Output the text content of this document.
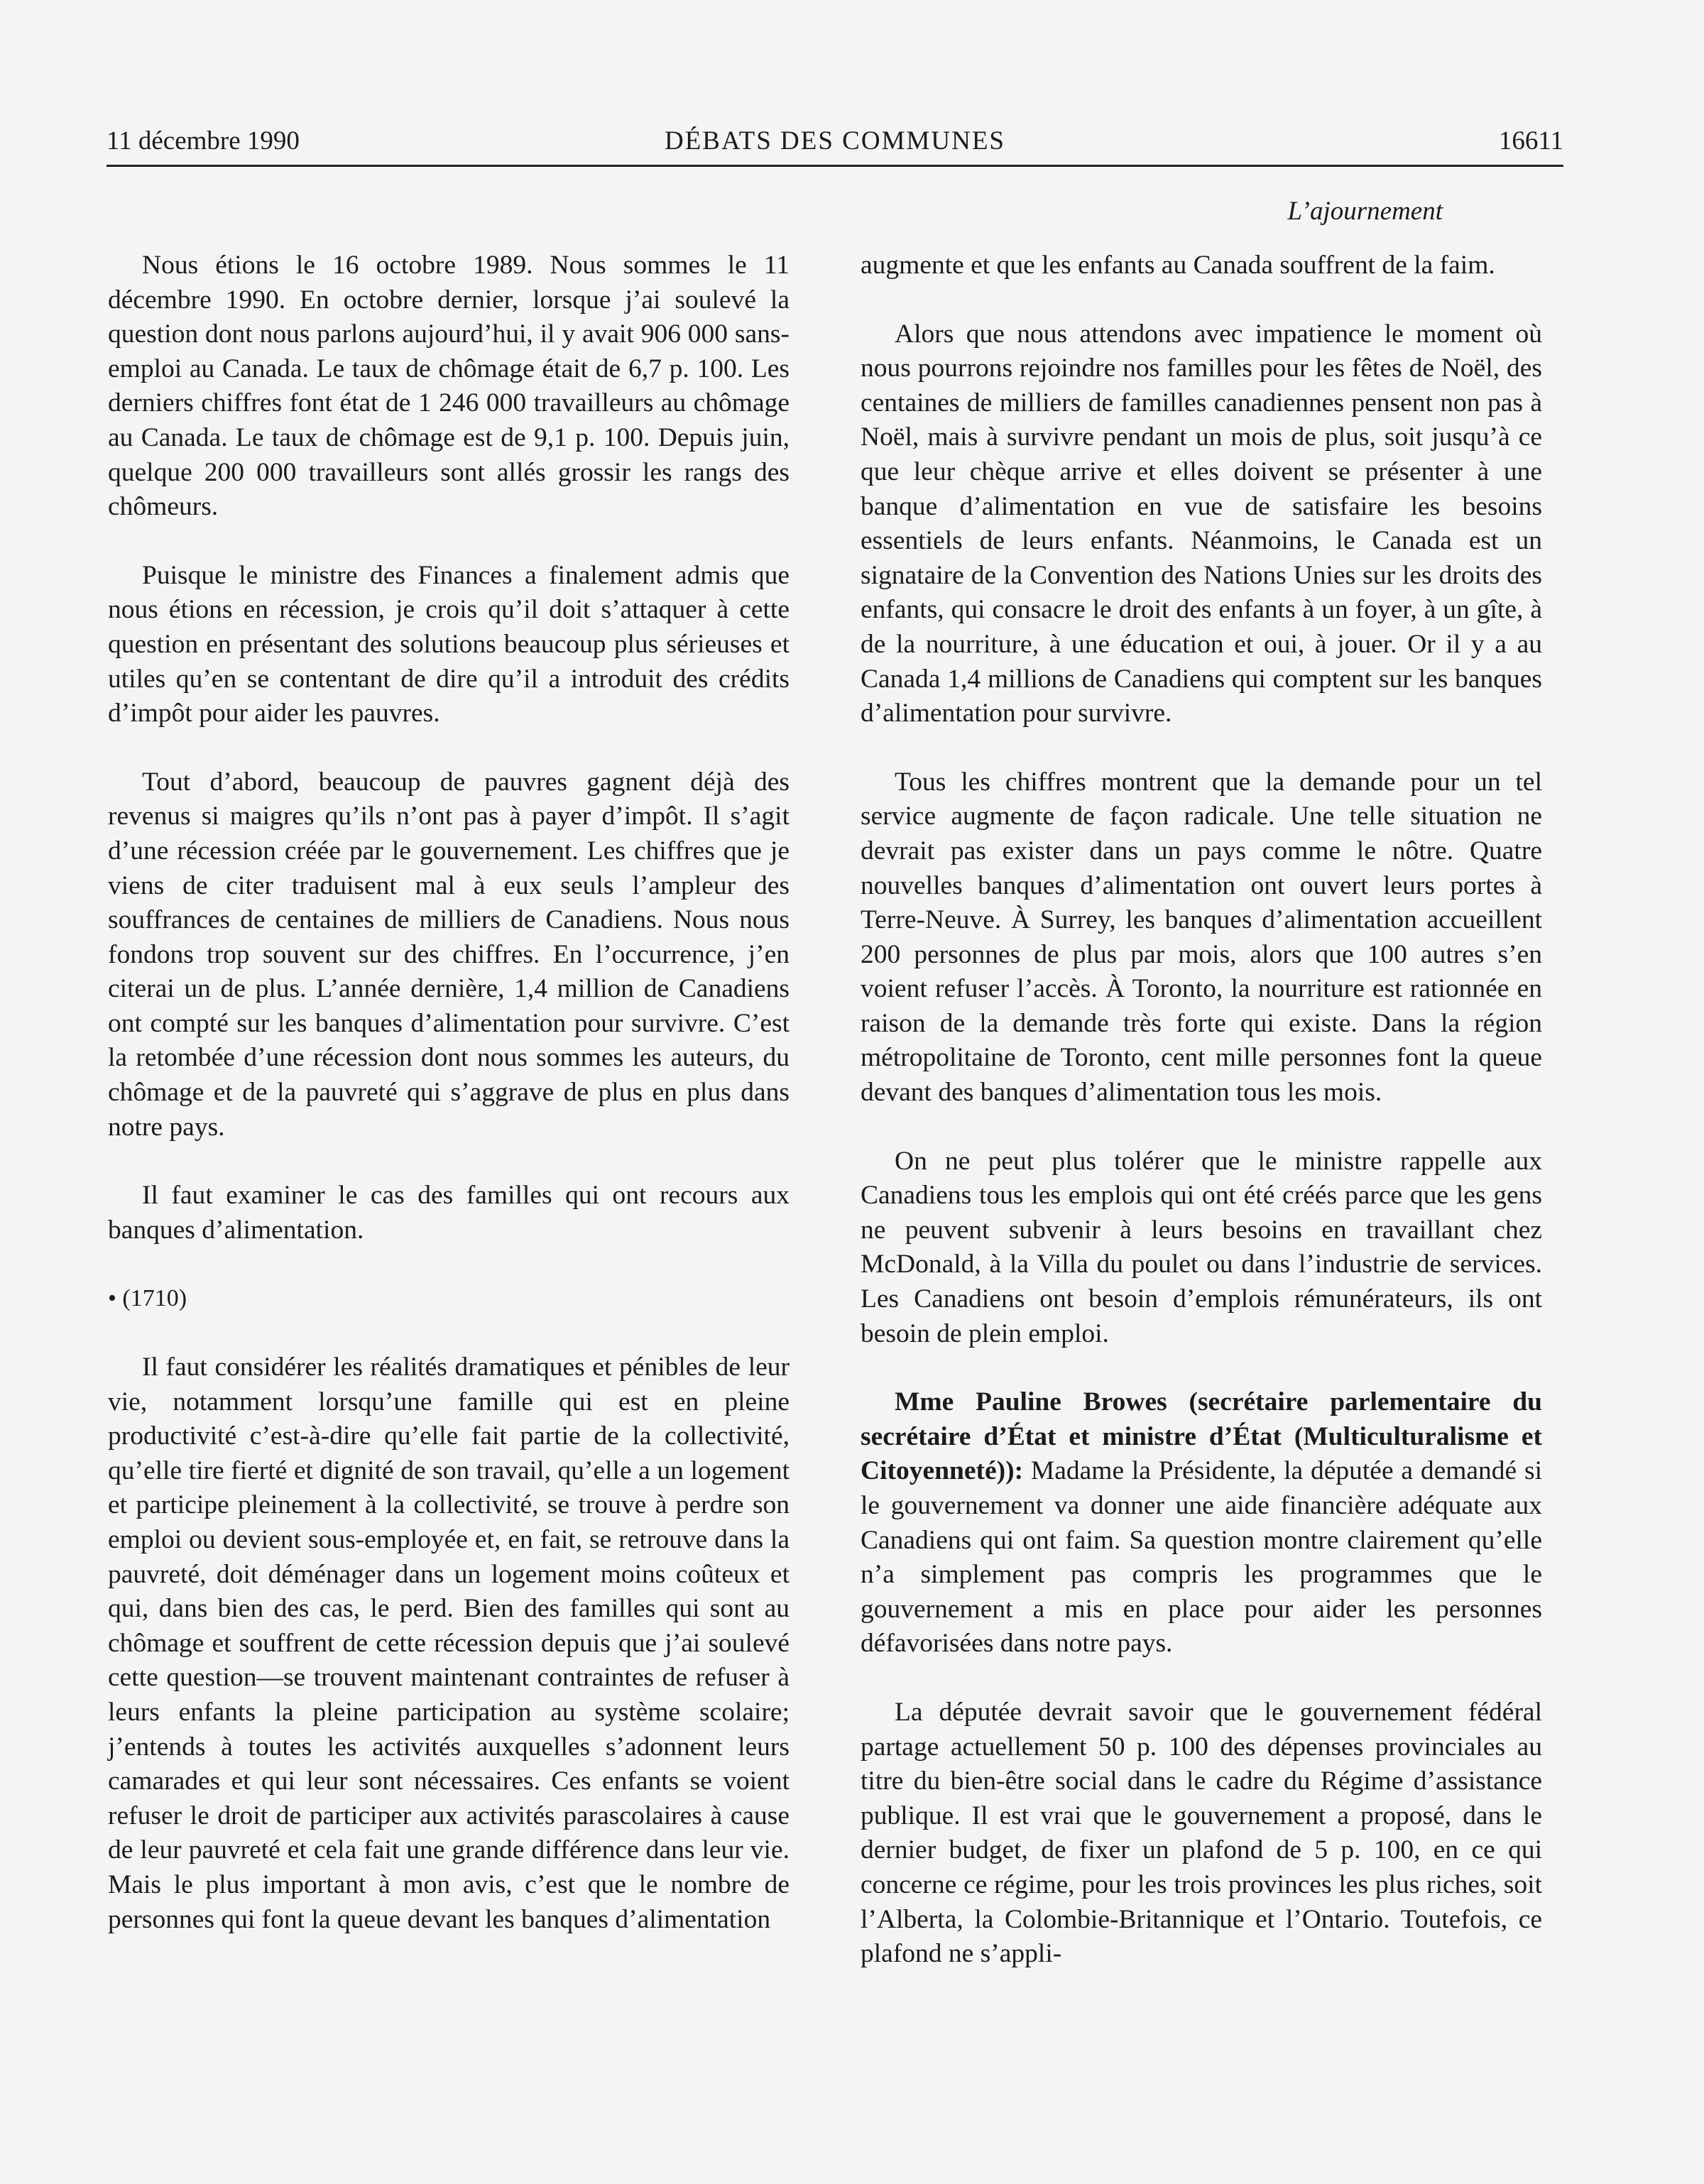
11 décembre 1990	DÉBATS DES COMMUNES	16611
L’ajournement

Nous étions le 16 octobre 1989. Nous sommes le 11 décembre 1990. En octobre dernier, lorsque j’ai soulevé la question dont nous parlons aujourd’hui, il y avait 906 000 sans-emploi au Canada. Le taux de chômage était de 6,7 p. 100. Les derniers chiffres font état de 1 246 000 travailleurs au chômage au Canada. Le taux de chômage est de 9,1 p. 100. Depuis juin, quelque 200 000 travailleurs sont allés grossir les rangs des chômeurs.

Puisque le ministre des Finances a finalement admis que nous étions en récession, je crois qu’il doit s’attaquer à cette question en présentant des solutions beaucoup plus sérieuses et utiles qu’en se contentant de dire qu’il a introduit des crédits d’impôt pour aider les pauvres.

Tout d’abord, beaucoup de pauvres gagnent déjà des revenus si maigres qu’ils n’ont pas à payer d’impôt. Il s’agit d’une récession créée par le gouvernement. Les chiffres que je viens de citer traduisent mal à eux seuls l’ampleur des souffrances de centaines de milliers de Canadiens. Nous nous fondons trop souvent sur des chiffres. En l’occurrence, j’en citerai un de plus. L’année dernière, 1,4 million de Canadiens ont compté sur les banques d’alimentation pour survivre. C’est la retombée d’une récession dont nous sommes les auteurs, du chômage et de la pauvreté qui s’aggrave de plus en plus dans notre pays.

Il faut examiner le cas des familles qui ont recours aux banques d’alimentation.

• (1710)

Il faut considérer les réalités dramatiques et pénibles de leur vie, notamment lorsqu’une famille qui est en pleine productivité c’est-à-dire qu’elle fait partie de la collectivité, qu’elle tire fierté et dignité de son travail, qu’elle a un logement et participe pleinement à la collectivité, se trouve à perdre son emploi ou devient sous-employée et, en fait, se retrouve dans la pauvreté, doit déménager dans un logement moins coûteux et qui, dans bien des cas, le perd. Bien des familles qui sont au chômage et souffrent de cette récession depuis que j’ai soulevé cette question—se trouvent maintenant contraintes de refuser à leurs enfants la pleine participation au système scolaire; j’entends à toutes les activités auxquelles s’adonnent leurs camarades et qui leur sont nécessaires. Ces enfants se voient refuser le droit de participer aux activités parascolaires à cause de leur pauvreté et cela fait une grande différence dans leur vie. Mais le plus important à mon avis, c’est que le nombre de personnes qui font la queue devant les banques d’alimentation

augmente et que les enfants au Canada souffrent de la faim.

Alors que nous attendons avec impatience le moment où nous pourrons rejoindre nos familles pour les fêtes de Noël, des centaines de milliers de familles canadiennes pensent non pas à Noël, mais à survivre pendant un mois de plus, soit jusqu’à ce que leur chèque arrive et elles doivent se présenter à une banque d’alimentation en vue de satisfaire les besoins essentiels de leurs enfants. Néanmoins, le Canada est un signataire de la Convention des Nations Unies sur les droits des enfants, qui consacre le droit des enfants à un foyer, à un gîte, à de la nourriture, à une éducation et oui, à jouer. Or il y a au Canada 1,4 millions de Canadiens qui comptent sur les banques d’alimentation pour survivre.

Tous les chiffres montrent que la demande pour un tel service augmente de façon radicale. Une telle situation ne devrait pas exister dans un pays comme le nôtre. Quatre nouvelles banques d’alimentation ont ouvert leurs portes à Terre-Neuve. À Surrey, les banques d’alimentation accueillent 200 personnes de plus par mois, alors que 100 autres s’en voient refuser l’accès. À Toronto, la nourriture est rationnée en raison de la demande très forte qui existe. Dans la région métropolitaine de Toronto, cent mille personnes font la queue devant des banques d’alimentation tous les mois.

On ne peut plus tolérer que le ministre rappelle aux Canadiens tous les emplois qui ont été créés parce que les gens ne peuvent subvenir à leurs besoins en travaillant chez McDonald, à la Villa du poulet ou dans l’industrie de services. Les Canadiens ont besoin d’emplois rémunérateurs, ils ont besoin de plein emploi.

Mme Pauline Browes (secrétaire parlementaire du secrétaire d’État et ministre d’État (Multiculturalisme et Citoyenneté)): Madame la Présidente, la députée a demandé si le gouvernement va donner une aide financière adéquate aux Canadiens qui ont faim. Sa question montre clairement qu’elle n’a simplement pas compris les programmes que le gouvernement a mis en place pour aider les personnes défavorisées dans notre pays.

La députée devrait savoir que le gouvernement fédéral partage actuellement 50 p. 100 des dépenses provinciales au titre du bien-être social dans le cadre du Régime d’assistance publique. Il est vrai que le gouvernement a proposé, dans le dernier budget, de fixer un plafond de 5 p. 100, en ce qui concerne ce régime, pour les trois provinces les plus riches, soit l’Alberta, la Colombie-Britannique et l’Ontario. Toutefois, ce plafond ne s’appli-
